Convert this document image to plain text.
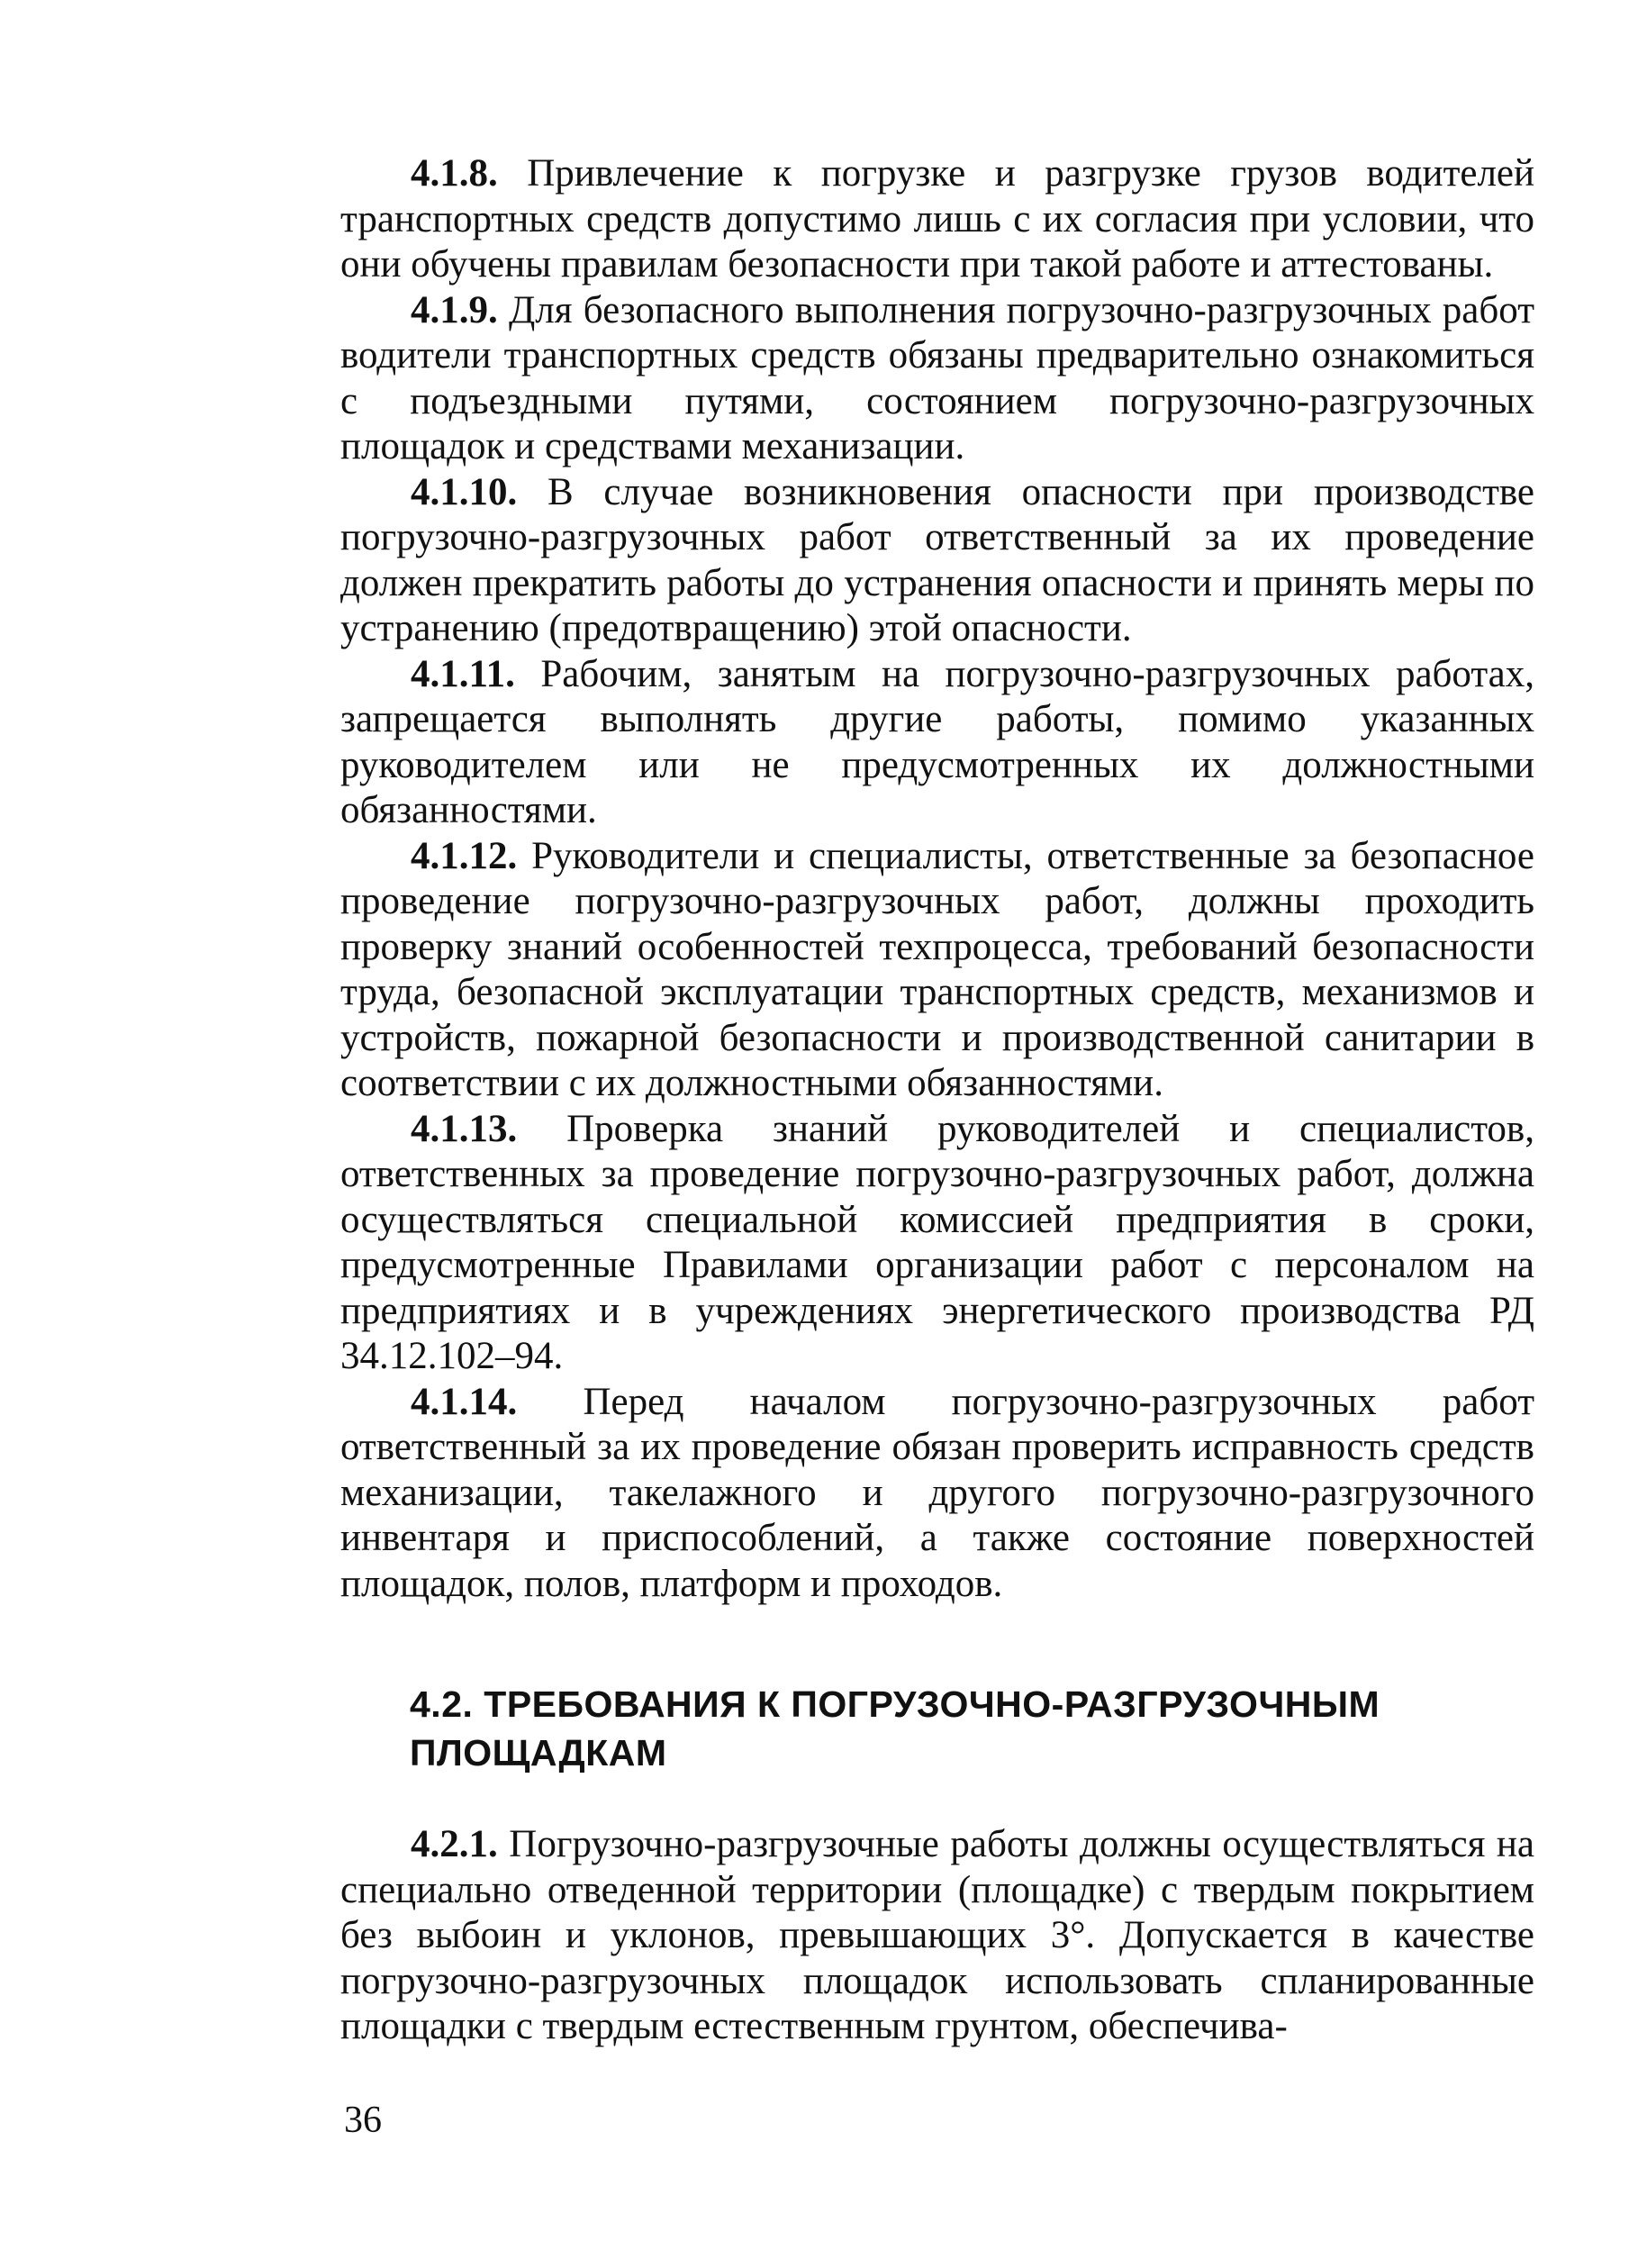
4.1.8. Привлечение к погрузке и разгрузке грузов водителей транспортных средств допустимо лишь с их согласия при условии, что они обучены правилам безопасности при такой работе и аттестованы.

4.1.9. Для безопасного выполнения погрузочно-разгрузочных работ водители транспортных средств обязаны предварительно ознакомиться с подъездными путями, состоянием погрузочно-разгрузочных площадок и средствами механизации.

4.1.10. В случае возникновения опасности при производстве погрузочно-разгрузочных работ ответственный за их проведение должен прекратить работы до устранения опасности и принять меры по устранению (предотвращению) этой опасности.

4.1.11. Рабочим, занятым на погрузочно-разгрузочных работах, запрещается выполнять другие работы, помимо указанных руководителем или не предусмотренных их должностными обязанностями.

4.1.12. Руководители и специалисты, ответственные за безопасное проведение погрузочно-разгрузочных работ, должны проходить проверку знаний особенностей техпроцесса, требований безопасности труда, безопасной эксплуатации транспортных средств, механизмов и устройств, пожарной безопасности и производственной санитарии в соответствии с их должностными обязанностями.

4.1.13. Проверка знаний руководителей и специалистов, ответственных за проведение погрузочно-разгрузочных работ, должна осуществляться специальной комиссией предприятия в сроки, предусмотренные Правилами организации работ с персоналом на предприятиях и в учреждениях энергетического производства РД 34.12.102–94.

4.1.14. Перед началом погрузочно-разгрузочных работ ответственный за их проведение обязан проверить исправность средств механизации, такелажного и другого погрузочно-разгрузочного инвентаря и приспособлений, а также состояние поверхностей площадок, полов, платформ и проходов.

4.2. ТРЕБОВАНИЯ К ПОГРУЗОЧНО-РАЗГРУЗОЧНЫМ
ПЛОЩАДКАМ

4.2.1. Погрузочно-разгрузочные работы должны осуществляться на специально отведенной территории (площадке) с твердым покрытием без выбоин и уклонов, превышающих 3°. Допускается в качестве погрузочно-разгрузочных площадок использовать спланированные площадки с твердым естественным грунтом, обеспечива-

36
